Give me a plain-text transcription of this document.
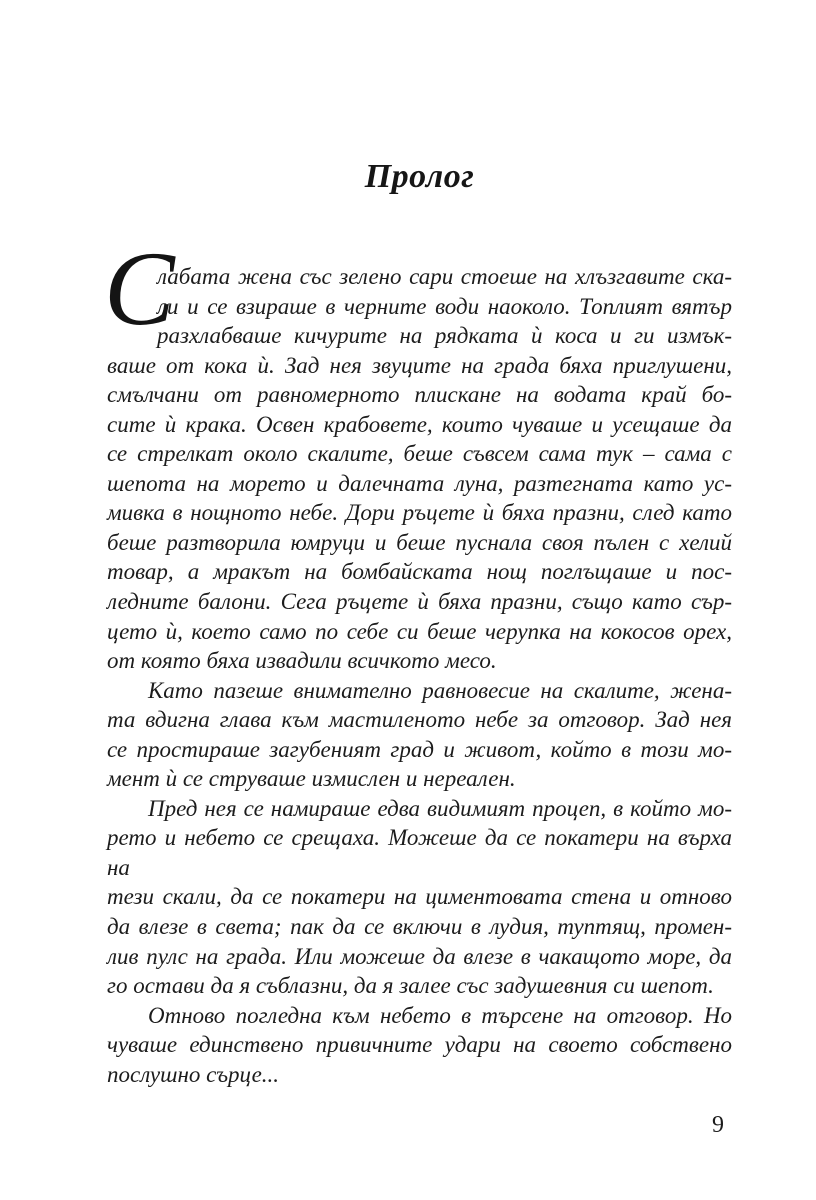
Пролог
С
лабата жена със зелено сари стоеше на хлъзгавите ска-
ли и се взираше в черните води наоколо. Топлият вятър
разхлабваше кичурите на рядката ѝ коса и ги измък-
ваше от кока ѝ. Зад нея звуците на града бяха приглушени,
смълчани от равномерното плискане на водата край бо-
сите ѝ крака. Освен крабовете, които чуваше и усещаше да
се стрелкат около скалите, беше съвсем сама тук – сама с
шепота на морето и далечната луна, разтегната като ус-
мивка в нощното небе. Дори ръцете ѝ бяха празни, след като
беше разтворила юмруци и беше пуснала своя пълен с хелий
товар, а мракът на бомбайската нощ поглъщаше и пос-
ледните балони. Сега ръцете ѝ бяха празни, също като сър-
цето ѝ, което само по себе си беше черупка на кокосов орех,
от която бяха извадили всичкото месо.
Като пазеше внимателно равновесие на скалите, жена-
та вдигна глава към мастиленото небе за отговор. Зад нея
се простираше загубеният град и живот, който в този мо-
мент ѝ се струваше измислен и нереален.
Пред нея се намираше едва видимият процеп, в който мо-
рето и небето се срещаха. Можеше да се покатери на върха на
тези скали, да се покатери на циментовата стена и отново
да влезе в света; пак да се включи в лудия, туптящ, промен-
лив пулс на града. Или можеше да влезе в чакащото море, да
го остави да я съблазни, да я залее със задушевния си шепот.
Отново погледна към небето в търсене на отговор. Но
чуваше единствено привичните удари на своето собствено
послушно сърце...
9
